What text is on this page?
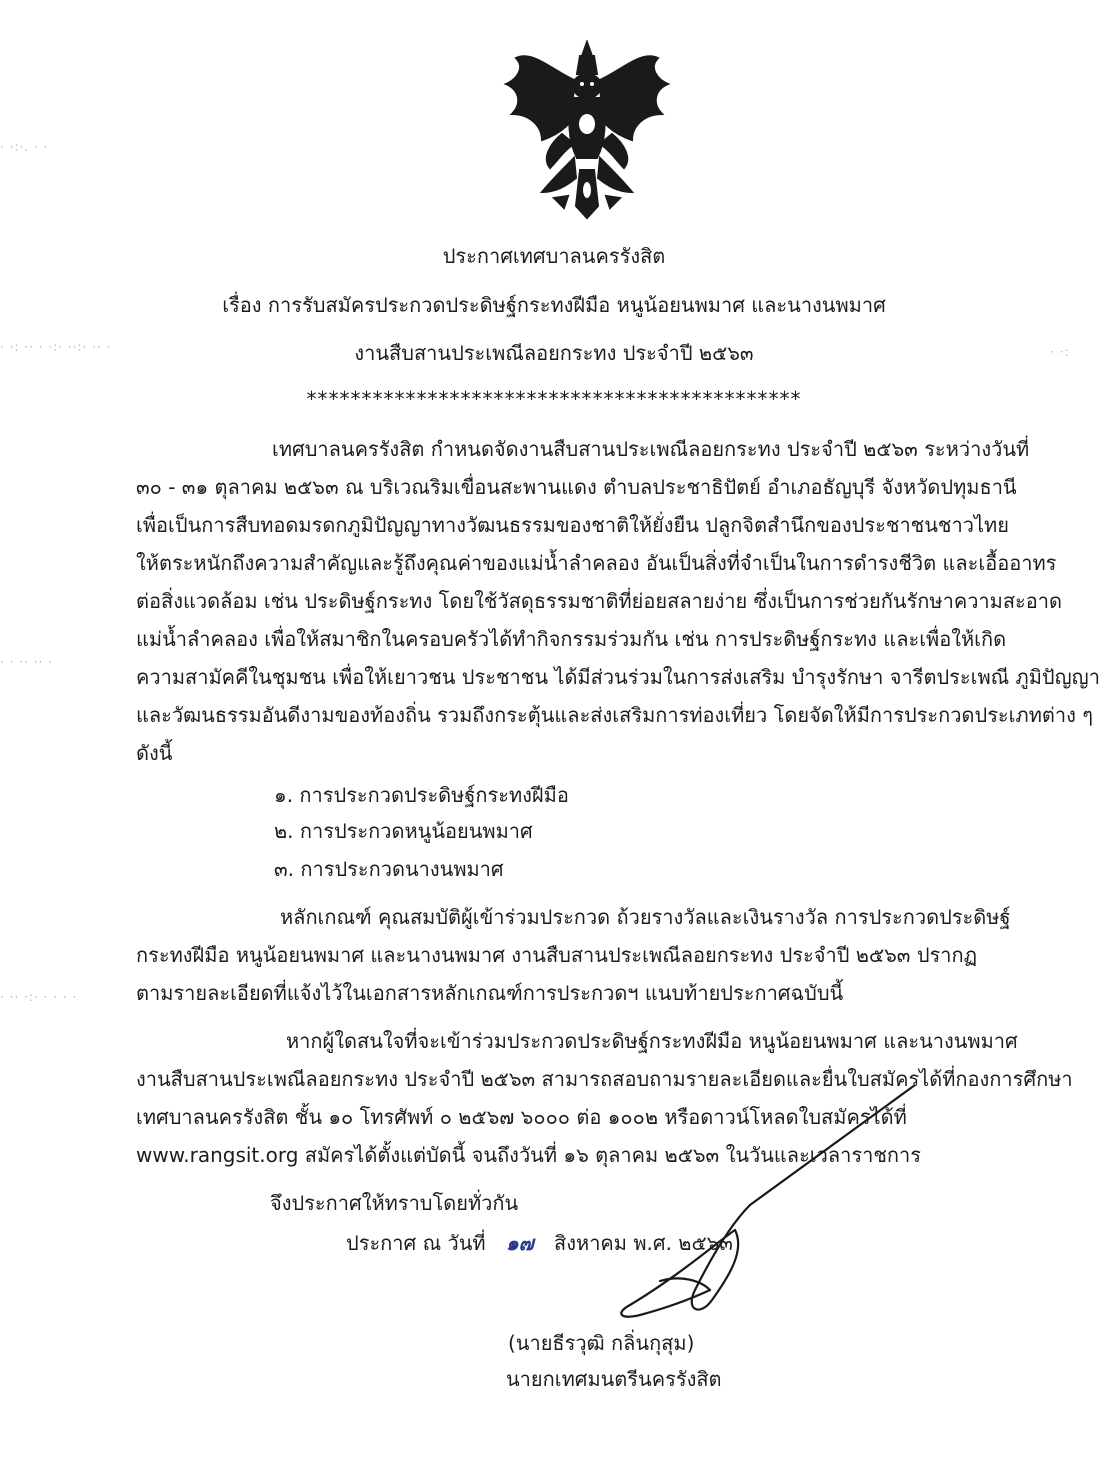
· ·:·. · ·
· ·: ·· · ·:· ··:· ·· ·	· ·:
· · ·· ·· ·
· ·· ·:· · · · ·
ประกาศเทศบาลนครรังสิต
เรื่อง การรับสมัครประกวดประดิษฐ์กระทงฝีมือ หนูน้อยนพมาศ และนางนพมาศ
งานสืบสานประเพณีลอยกระทง ประจำปี ๒๕๖๓
*********************************************
เทศบาลนครรังสิต กำหนดจัดงานสืบสานประเพณีลอยกระทง ประจำปี ๒๕๖๓ ระหว่างวันที่
๓๐ - ๓๑ ตุลาคม ๒๕๖๓ ณ บริเวณริมเขื่อนสะพานแดง ตำบลประชาธิปัตย์ อำเภอธัญบุรี จังหวัดปทุมธานี
เพื่อเป็นการสืบทอดมรดกภูมิปัญญาทางวัฒนธรรมของชาติให้ยั่งยืน ปลูกจิตสำนึกของประชาชนชาวไทย
ให้ตระหนักถึงความสำคัญและรู้ถึงคุณค่าของแม่น้ำลำคลอง อันเป็นสิ่งที่จำเป็นในการดำรงชีวิต และเอื้ออาทร
ต่อสิ่งแวดล้อม เช่น ประดิษฐ์กระทง โดยใช้วัสดุธรรมชาติที่ย่อยสลายง่าย ซึ่งเป็นการช่วยกันรักษาความสะอาด
แม่น้ำลำคลอง เพื่อให้สมาชิกในครอบครัวได้ทำกิจกรรมร่วมกัน เช่น การประดิษฐ์กระทง และเพื่อให้เกิด
ความสามัคคีในชุมชน เพื่อให้เยาวชน ประชาชน ได้มีส่วนร่วมในการส่งเสริม บำรุงรักษา จารีตประเพณี ภูมิปัญญา
และวัฒนธรรมอันดีงามของท้องถิ่น รวมถึงกระตุ้นและส่งเสริมการท่องเที่ยว โดยจัดให้มีการประกวดประเภทต่าง ๆ
ดังนี้
๑. การประกวดประดิษฐ์กระทงฝีมือ
๒. การประกวดหนูน้อยนพมาศ
๓. การประกวดนางนพมาศ
หลักเกณฑ์ คุณสมบัติผู้เข้าร่วมประกวด ถ้วยรางวัลและเงินรางวัล การประกวดประดิษฐ์
กระทงฝีมือ หนูน้อยนพมาศ และนางนพมาศ งานสืบสานประเพณีลอยกระทง ประจำปี ๒๕๖๓ ปรากฏ
ตามรายละเอียดที่แจ้งไว้ในเอกสารหลักเกณฑ์การประกวดฯ แนบท้ายประกาศฉบับนี้
หากผู้ใดสนใจที่จะเข้าร่วมประกวดประดิษฐ์กระทงฝีมือ หนูน้อยนพมาศ และนางนพมาศ
งานสืบสานประเพณีลอยกระทง ประจำปี ๒๕๖๓ สามารถสอบถามรายละเอียดและยื่นใบสมัครได้ที่กองการศึกษา
เทศบาลนครรังสิต ชั้น ๑๐ โทรศัพท์ ๐ ๒๕๖๗ ๖๐๐๐ ต่อ ๑๐๐๒ หรือดาวน์โหลดใบสมัครได้ที่
www.rangsit.org สมัครได้ตั้งแต่บัดนี้ จนถึงวันที่ ๑๖ ตุลาคม ๒๕๖๓ ในวันและเวลาราชการ
จึงประกาศให้ทราบโดยทั่วกัน
ประกาศ ณ วันที่ ๑๗ สิงหาคม พ.ศ. ๒๕๖๓
(นายธีรวุฒิ กลิ่นกุสุม)
นายกเทศมนตรีนครรังสิต
